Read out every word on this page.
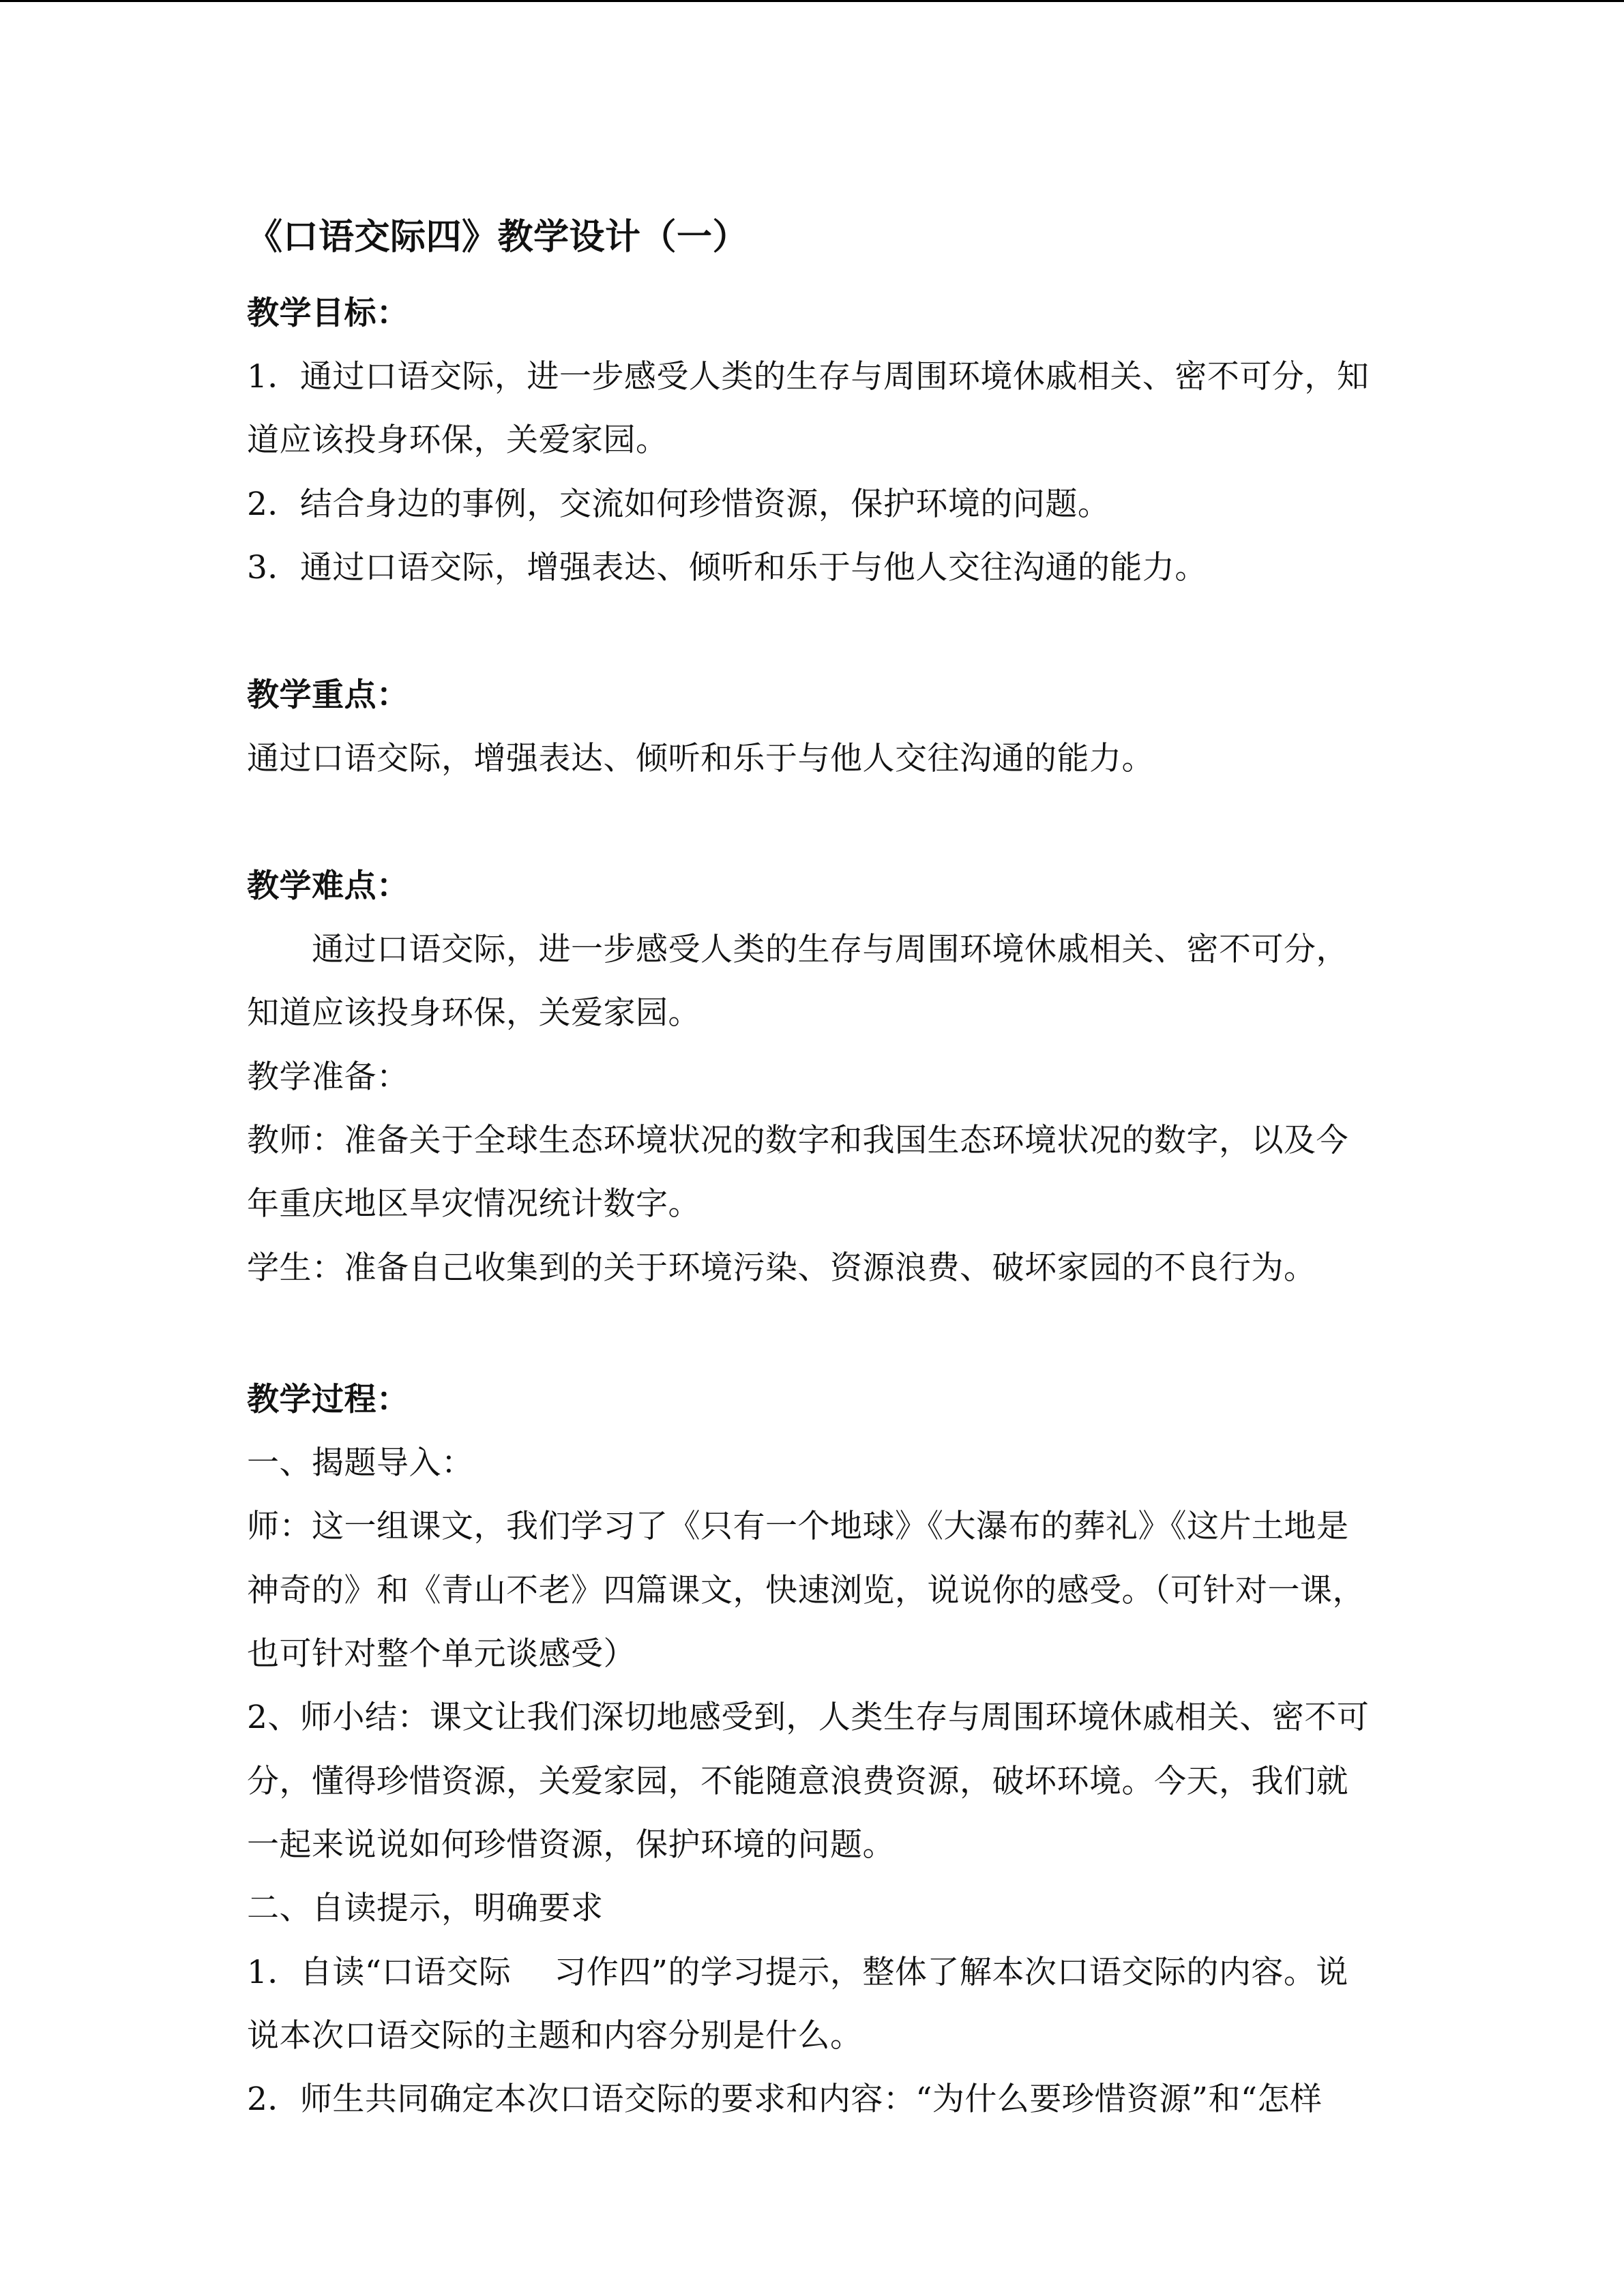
《口语交际四》教学设计（一）
教学目标：
1．通过口语交际，进一步感受人类的生存与周围环境休戚相关、密不可分，知
道应该投身环保，关爱家园。
2．结合身边的事例，交流如何珍惜资源，保护环境的问题。
3．通过口语交际，增强表达、倾听和乐于与他人交往沟通的能力。
教学重点：
通过口语交际，增强表达、倾听和乐于与他人交往沟通的能力。
教学难点：
通过口语交际，进一步感受人类的生存与周围环境休戚相关、密不可分，
知道应该投身环保，关爱家园。
教学准备：
教师：准备关于全球生态环境状况的数字和我国生态环境状况的数字，以及今
年重庆地区旱灾情况统计数字。
学生：准备自己收集到的关于环境污染、资源浪费、破坏家园的不良行为。
教学过程：
一、揭题导入：
师：这一组课文，我们学习了《只有一个地球》《大瀑布的葬礼》《这片土地是
神奇的》和《青山不老》四篇课文，快速浏览，说说你的感受。（可针对一课，
也可针对整个单元谈感受）
2、师小结：课文让我们深切地感受到，人类生存与周围环境休戚相关、密不可
分，懂得珍惜资源，关爱家园，不能随意浪费资源，破坏环境。今天，我们就
一起来说说如何珍惜资源，保护环境的问题。
二、自读提示，明确要求
1．自读“口语交际　 习作四”的学习提示，整体了解本次口语交际的内容。说
说本次口语交际的主题和内容分别是什么。
2．师生共同确定本次口语交际的要求和内容：“为什么要珍惜资源”和“怎样
